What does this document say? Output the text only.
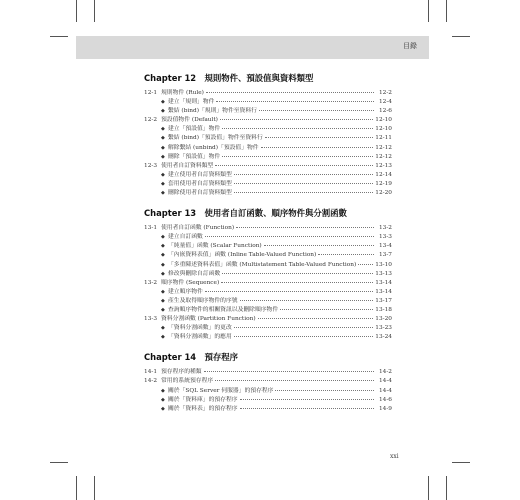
目錄
Chapter 12　規則物件、預設值與資料類型
12-1 規則物件 (Rule)	12-2
◆ 建立「規則」物件	12-4
◆ 繫結 (bind)「規則」物件至資料行	12-6
12-2 預設值物件 (Default)	12-10
◆ 建立「預設值」物件	12-10
◆ 繫結 (bind)「預設值」物件至資料行	12-11
◆ 解除繫結 (unbind)「預設值」物件	12-12
◆ 刪除「預設值」物件	12-12
12-3 使用者自訂資料類型	12-13
◆ 建立使用者自訂資料類型	12-14
◆ 套用使用者自訂資料類型	12-19
◆ 刪除使用者自訂資料類型	12-20
Chapter 13　使用者自訂函數、順序物件與分割函數
13-1 使用者自訂函數 (Function)	13-2
◆ 建立自訂函數	13-3
◆ 「純量值」函數 (Scalar Function)	13-4
◆ 「內嵌資料表值」函數 (Inline Table-Valued Function)	13-7
◆ 「多重陳述資料表值」函數 (Multistatement Table-Valued Function)	13-10
◆ 修改與刪除自訂函數	13-13
13-2 順序物件 (Sequence)	13-14
◆ 建立順序物件	13-14
◆ 產生及取得順序物件的序號	13-17
◆ 查詢順序物件的相關資訊以及刪除順序物件	13-18
13-3 資料分割函數 (Partition Function)	13-20
◆ 「資料分割函數」的更改	13-23
◆ 「資料分割函數」的應用	13-24
Chapter 14　預存程序
14-1 預存程序的種類	14-2
14-2 常用的系統預存程序	14-4
◆ 關於「SQL Server 伺服器」的預存程序	14-4
◆ 關於「資料庫」的預存程序	14-6
◆ 關於「資料表」的預存程序	14-9
xxi
